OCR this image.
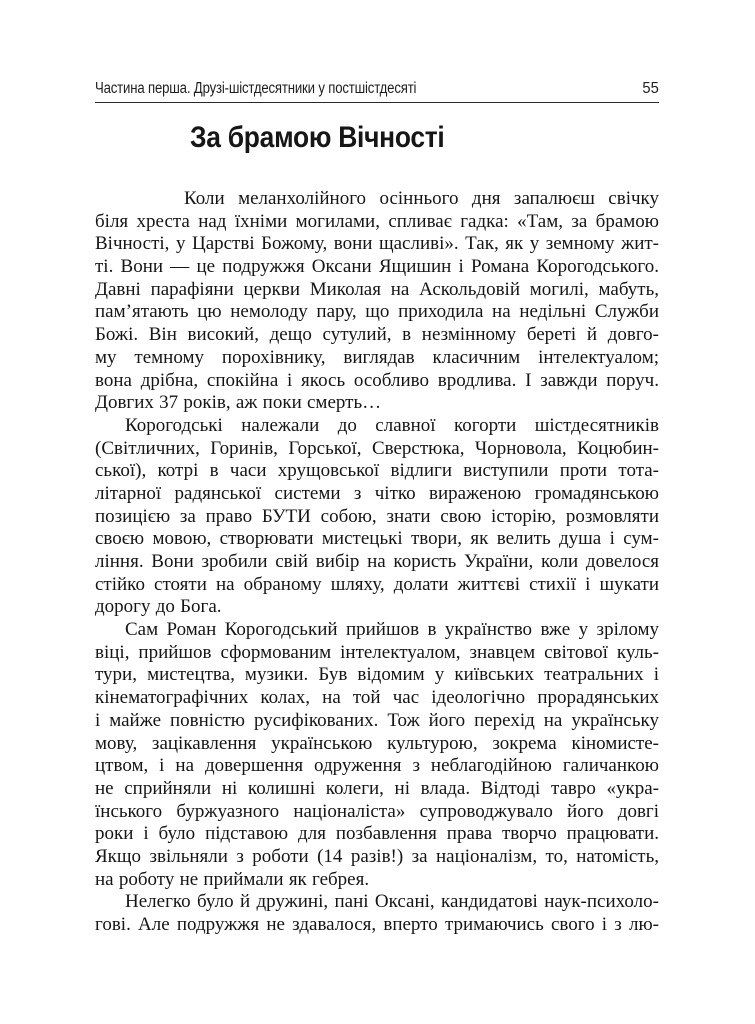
Частина перша. Друзі-шістдесятники у постшістдесяті	55
За брамою Вічності
Коли меланхолійного осіннього дня запалюєш свічку
біля хреста над їхніми могилами, спливає гадка: «Там, за брамою
Вічності, у Царстві Божому, вони щасливі». Так, як у земному жит-
ті. Вони — це подружжя Оксани Ящишин і Романа Корогодського.
Давні парафіяни церкви Миколая на Аскольдовій могилі, мабуть,
пам’ятають цю немолоду пару, що приходила на недільні Служби
Божі. Він високий, дещо сутулий, в незмінному береті й довго-
му темному порохівнику, виглядав класичним інтелектуалом;
вона дрібна, спокійна і якось особливо вродлива. І завжди поруч.
Довгих 37 років, аж поки смерть…
Корогодські належали до славної когорти шістдесятників
(Світличних, Горинів, Горської, Сверстюка, Чорновола, Коцюбин-
ської), котрі в часи хрущовської відлиги виступили проти тота-
літарної радянської системи з чітко вираженою громадянською
позицією за право БУТИ собою, знати свою історію, розмовляти
своєю мовою, створювати мистецькі твори, як велить душа і сум-
ління. Вони зробили свій вибір на користь України, коли довелося
стійко стояти на обраному шляху, долати життєві стихії і шукати
дорогу до Бога.
Сам Роман Корогодський прийшов в українство вже у зрілому
віці, прийшов сформованим інтелектуалом, знавцем світової куль-
тури, мистецтва, музики. Був відомим у київських театральних і
кінематографічних колах, на той час ідеологічно прорадянських
і майже повністю русифікованих. Тож його перехід на українську
мову, зацікавлення українською культурою, зокрема кіномисте-
цтвом, і на довершення одруження з неблагодійною галичанкою
не сприйняли ні колишні колеги, ні влада. Відтоді тавро «укра-
їнського буржуазного націоналіста» супроводжувало його довгі
роки і було підставою для позбавлення права творчо працювати.
Якщо звільняли з роботи (14 разів!) за націоналізм, то, натомість,
на роботу не приймали як гебрея.
Нелегко було й дружині, пані Оксані, кандидатові наук-психоло-
гові. Але подружжя не здавалося, вперто тримаючись свого і з лю-
